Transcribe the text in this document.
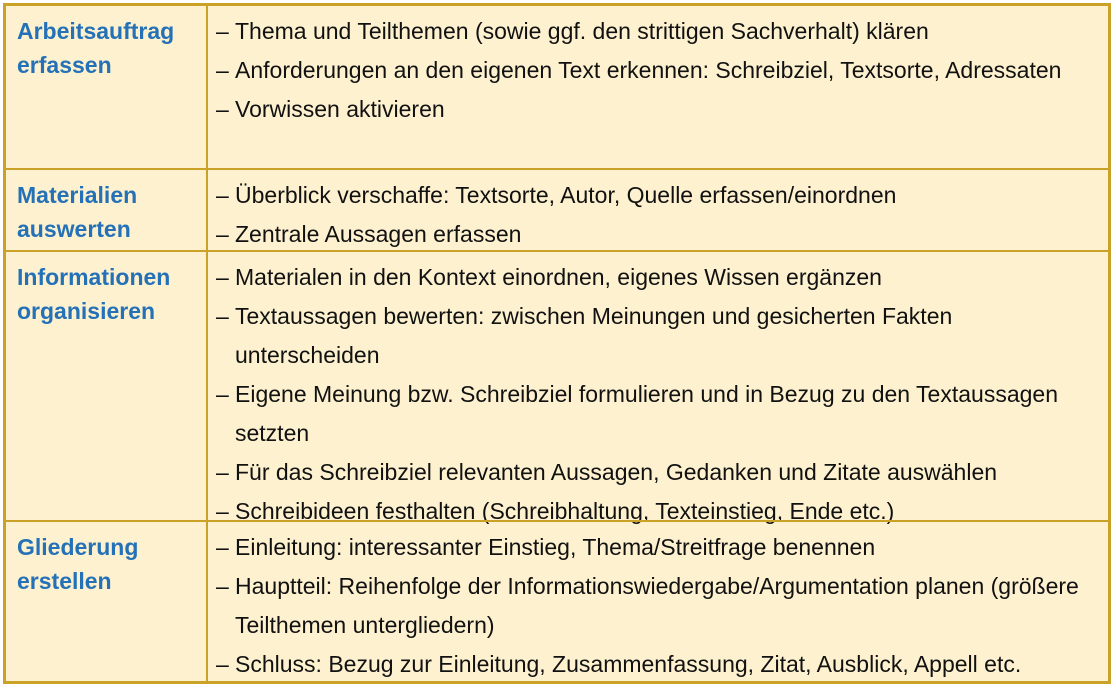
Arbeitsauftrag
erfassen

– Thema und Teilthemen (sowie ggf. den strittigen Sachverhalt) klären
– Anforderungen an den eigenen Text erkennen: Schreibziel, Textsorte, Adressaten
– Vorwissen aktivieren

Materialien
auswerten

– Überblick verschaffe: Textsorte, Autor, Quelle erfassen/einordnen
– Zentrale Aussagen erfassen

Informationen
organisieren

– Materialen in den Kontext einordnen, eigenes Wissen ergänzen
– Textaussagen bewerten: zwischen Meinungen und gesicherten Fakten unterscheiden
– Eigene Meinung bzw. Schreibziel formulieren und in Bezug zu den Textaussagen setzten
– Für das Schreibziel relevanten Aussagen, Gedanken und Zitate auswählen
– Schreibideen festhalten (Schreibhaltung, Texteinstieg, Ende etc.)

Gliederung
erstellen

– Einleitung: interessanter Einstieg, Thema/Streitfrage benennen
– Hauptteil: Reihenfolge der Informationswiedergabe/Argumentation planen (größere Teilthemen untergliedern)
– Schluss: Bezug zur Einleitung, Zusammenfassung, Zitat, Ausblick, Appell etc.
